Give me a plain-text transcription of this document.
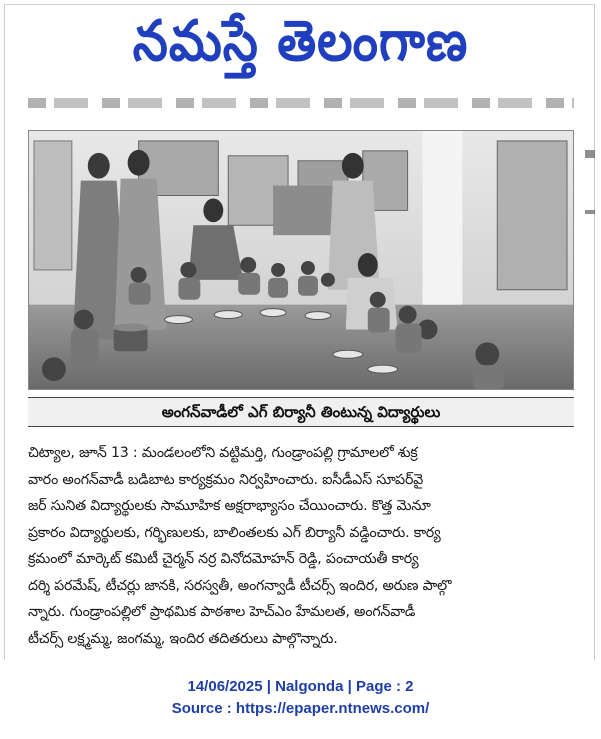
నమస్తే తెలంగాణ
అంగన్‌వాడీలో ఎగ్ బిర్యానీ తింటున్న విద్యార్థులు
చిట్యాల, జూన్ 13 : మండలంలోని వట్టిమర్తి, గుండ్రాంపల్లి గ్రామాలలో శుక్ర
వారం అంగన్‌వాడీ బడిబాట కార్యక్రమం నిర్వహించారు. ఐసీడీఎస్ సూపర్‌వై
జర్ సునిత విద్యార్థులకు సామూహిక అక్షరాభ్యాసం చేయించారు. కొత్త మెనూ
ప్రకారం విద్యార్థులకు, గర్భిణులకు, బాలింతలకు ఎగ్ బిర్యానీ వడ్డించారు. కార్య
క్రమంలో మార్కెట్ కమిటీ చైర్మన్ నర్ర వినోదమోహన్ రెడ్డి, పంచాయతీ కార్య
దర్శి పరమేష్, టీచర్లు జానకి, సరస్వతీ, అంగన్వాడీ టీచర్స్ ఇందిర, అరుణ పాల్గొ
న్నారు. గుండ్రాంపల్లిలో ప్రాథమిక పాఠశాల హెచ్‌ఎం హేమలత, అంగన్‌వాడీ
టీచర్స్ లక్ష్మమ్మ, జంగమ్మ, ఇందిర తదితరులు పాల్గొన్నారు.
14/06/2025 | Nalgonda | Page : 2
Source : https://epaper.ntnews.com/
